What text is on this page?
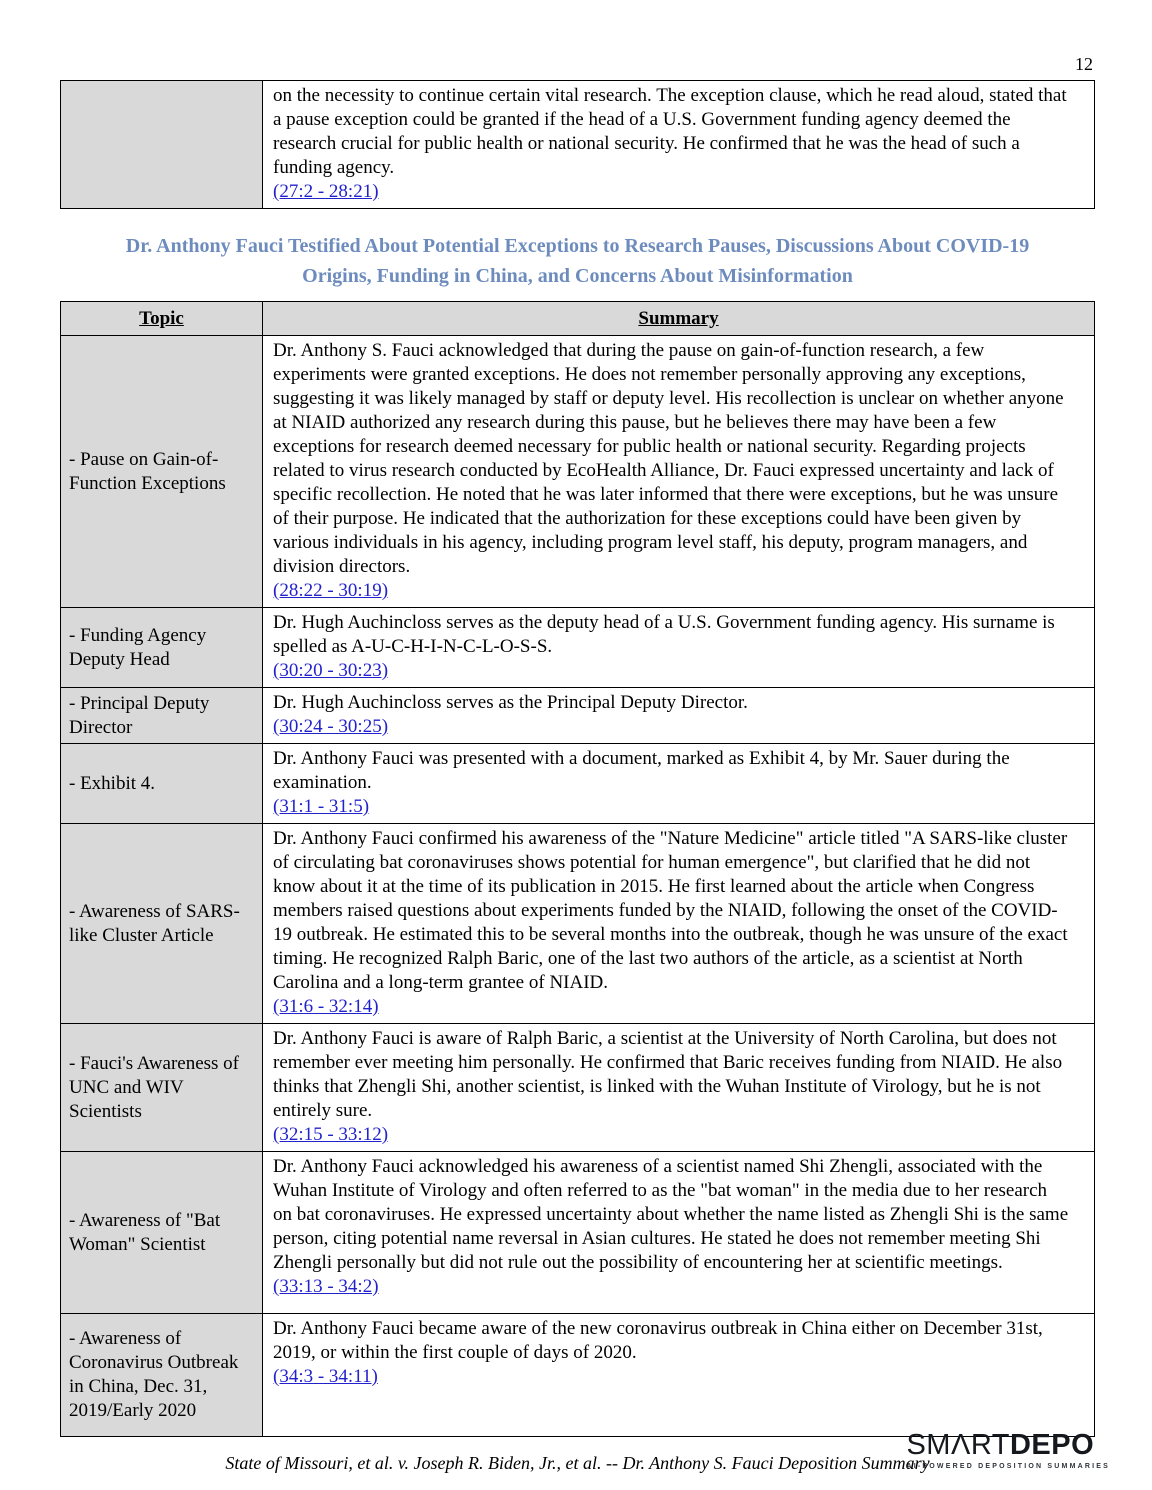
12

on the necessity to continue certain vital research. The exception clause, which he read aloud, stated that a pause exception could be granted if the head of a U.S. Government funding agency deemed the research crucial for public health or national security. He confirmed that he was the head of such a funding agency.
(27:2 - 28:21)
Dr. Anthony Fauci Testified About Potential Exceptions to Research Pauses, Discussions About COVID-19 Origins, Funding in China, and Concerns About Misinformation
Topic	Summary
- Pause on Gain-of-Function Exceptions	Dr. Anthony S. Fauci acknowledged that during the pause on gain-of-function research, a few experiments were granted exceptions. He does not remember personally approving any exceptions, suggesting it was likely managed by staff or deputy level. His recollection is unclear on whether anyone at NIAID authorized any research during this pause, but he believes there may have been a few exceptions for research deemed necessary for public health or national security. Regarding projects related to virus research conducted by EcoHealth Alliance, Dr. Fauci expressed uncertainty and lack of specific recollection. He noted that he was later informed that there were exceptions, but he was unsure of their purpose. He indicated that the authorization for these exceptions could have been given by various individuals in his agency, including program level staff, his deputy, program managers, and division directors.
(28:22 - 30:19)
- Funding Agency Deputy Head	Dr. Hugh Auchincloss serves as the deputy head of a U.S. Government funding agency. His surname is spelled as A-U-C-H-I-N-C-L-O-S-S.
(30:20 - 30:23)
- Principal Deputy Director	Dr. Hugh Auchincloss serves as the Principal Deputy Director.
(30:24 - 30:25)
- Exhibit 4.	Dr. Anthony Fauci was presented with a document, marked as Exhibit 4, by Mr. Sauer during the examination.
(31:1 - 31:5)
- Awareness of SARS-like Cluster Article	Dr. Anthony Fauci confirmed his awareness of the "Nature Medicine" article titled "A SARS-like cluster of circulating bat coronaviruses shows potential for human emergence", but clarified that he did not know about it at the time of its publication in 2015. He first learned about the article when Congress members raised questions about experiments funded by the NIAID, following the onset of the COVID-19 outbreak. He estimated this to be several months into the outbreak, though he was unsure of the exact timing. He recognized Ralph Baric, one of the last two authors of the article, as a scientist at North Carolina and a long-term grantee of NIAID.
(31:6 - 32:14)
- Fauci's Awareness of UNC and WIV Scientists	Dr. Anthony Fauci is aware of Ralph Baric, a scientist at the University of North Carolina, but does not remember ever meeting him personally. He confirmed that Baric receives funding from NIAID. He also thinks that Zhengli Shi, another scientist, is linked with the Wuhan Institute of Virology, but he is not entirely sure.
(32:15 - 33:12)
- Awareness of "Bat Woman" Scientist	Dr. Anthony Fauci acknowledged his awareness of a scientist named Shi Zhengli, associated with the Wuhan Institute of Virology and often referred to as the "bat woman" in the media due to her research on bat coronaviruses. He expressed uncertainty about whether the name listed as Zhengli Shi is the same person, citing potential name reversal in Asian cultures. He stated he does not remember meeting Shi Zhengli personally but did not rule out the possibility of encountering her at scientific meetings.
(33:13 - 34:2)
- Awareness of Coronavirus Outbreak in China, Dec. 31, 2019/Early 2020	Dr. Anthony Fauci became aware of the new coronavirus outbreak in China either on December 31st, 2019, or within the first couple of days of 2020.
(34:3 - 34:11)
State of Missouri, et al. v. Joseph R. Biden, Jr., et al. -- Dr. Anthony S. Fauci Deposition Summary
SMΛRTDEPO
AI-POWERED DEPOSITION SUMMARIES
